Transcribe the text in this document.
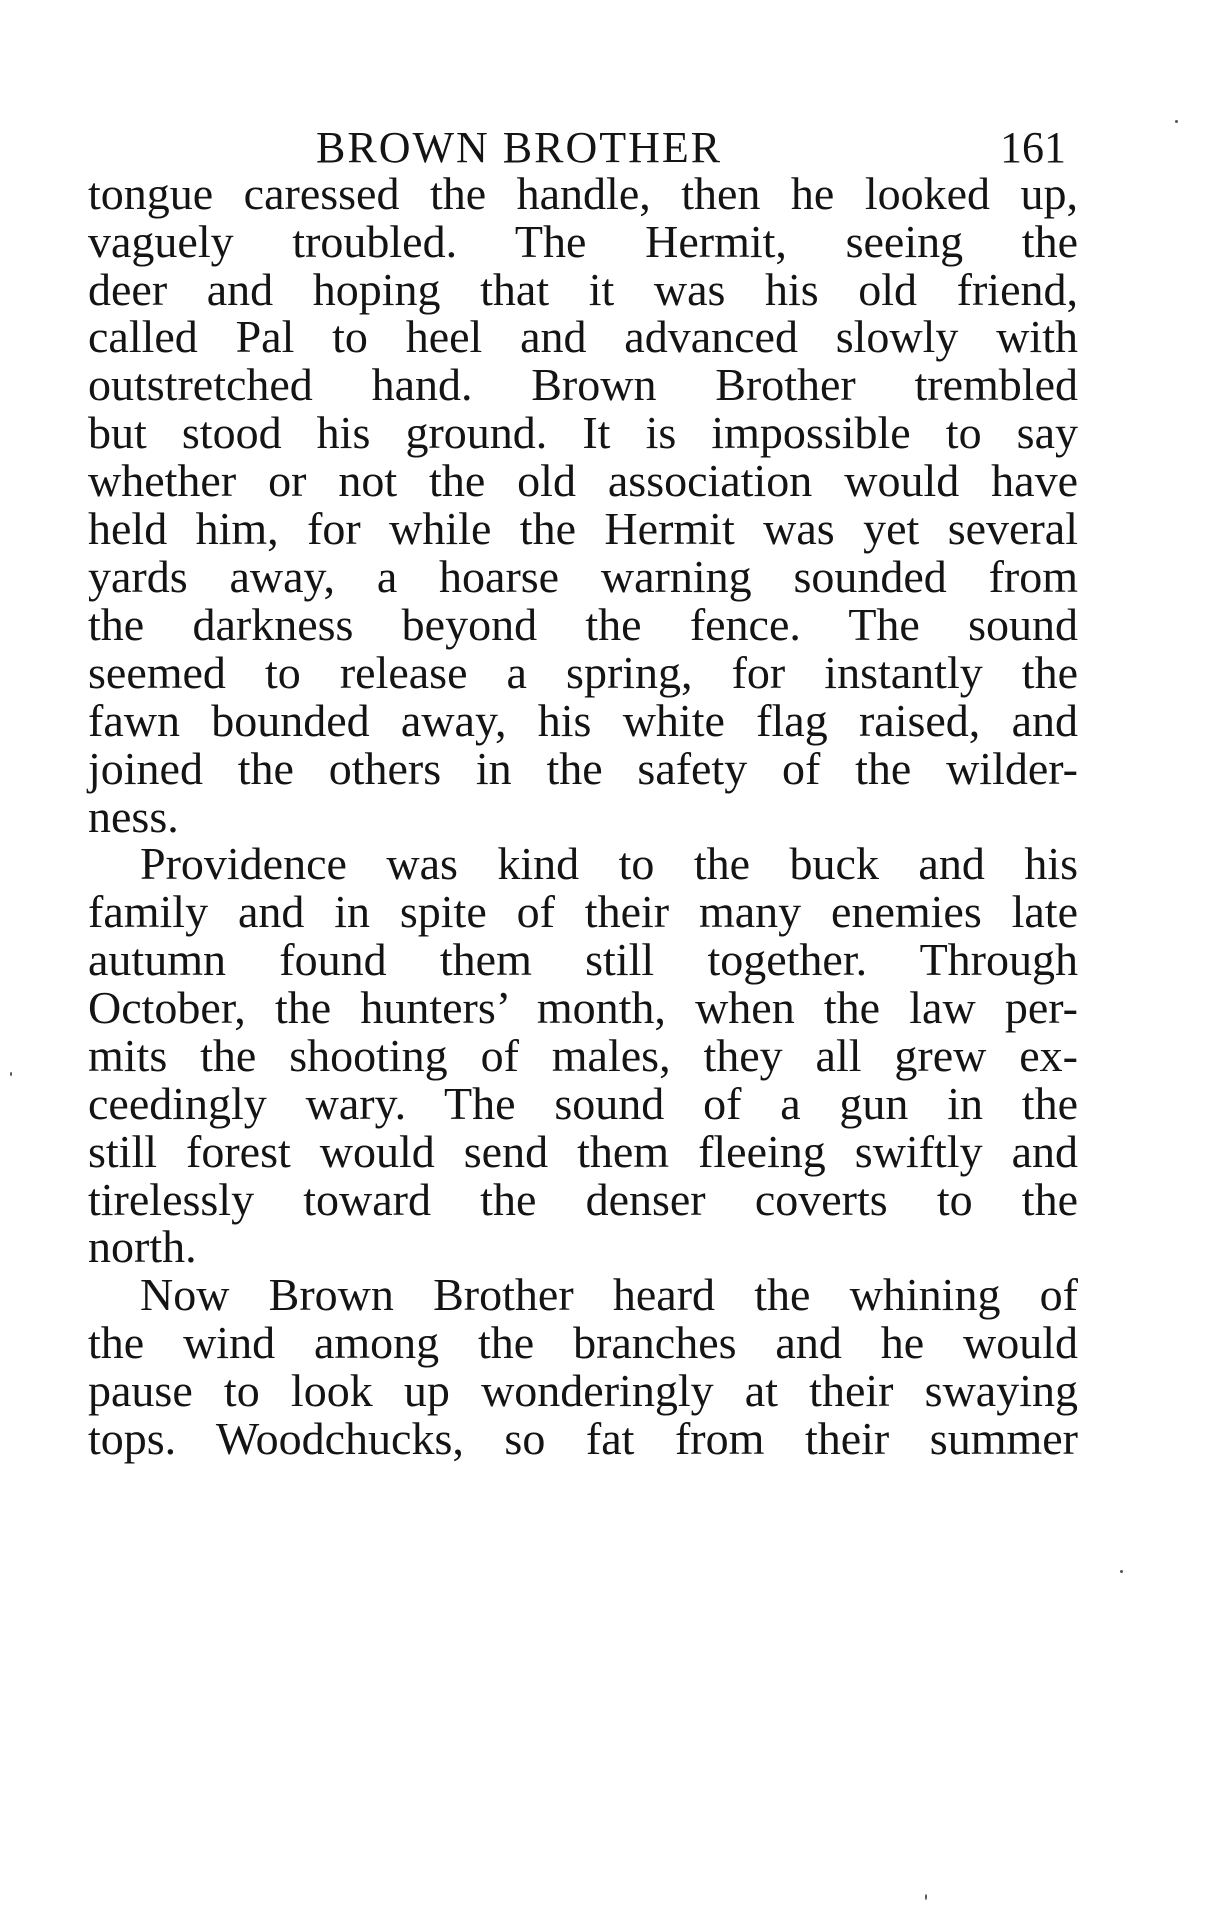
BROWN BROTHER	161
tongue caressed the handle, then he looked up,
vaguely troubled. The Hermit, seeing the
deer and hoping that it was his old friend,
called Pal to heel and advanced slowly with
outstretched hand. Brown Brother trembled
but stood his ground. It is impossible to say
whether or not the old association would have
held him, for while the Hermit was yet several
yards away, a hoarse warning sounded from
the darkness beyond the fence. The sound
seemed to release a spring, for instantly the
fawn bounded away, his white flag raised, and
joined the others in the safety of the wilder-
ness.
Providence was kind to the buck and his
family and in spite of their many enemies late
autumn found them still together. Through
October, the hunters’ month, when the law per-
mits the shooting of males, they all grew ex-
ceedingly wary. The sound of a gun in the
still forest would send them fleeing swiftly and
tirelessly toward the denser coverts to the
north.
Now Brown Brother heard the whining of
the wind among the branches and he would
pause to look up wonderingly at their swaying
tops. Woodchucks, so fat from their summer
